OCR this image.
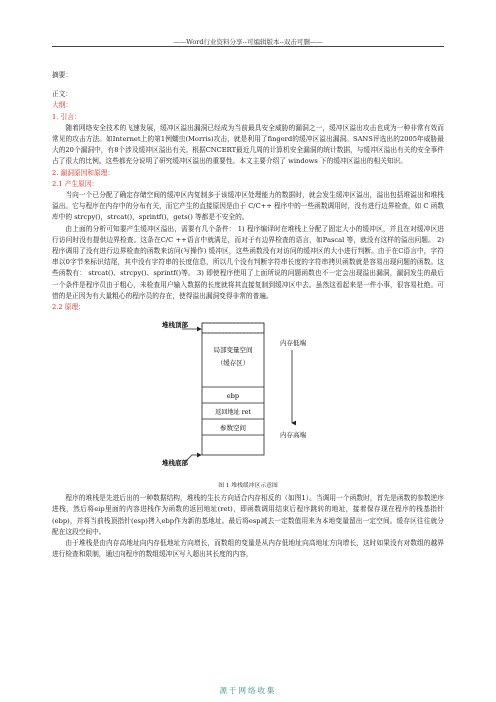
——Word行业资料分享--可编辑版本--双击可删——
摘要：
正文：
大纲：
1. 引言：
随着网络安全技术的飞速发展，缓冲区溢出漏洞已经成为当前最具安全威胁的漏洞之一，缓冲区溢出攻击也成为一种非常有效而常见的攻击方法。如Internet上的第1例蠕虫(Morris)攻击，就是利用了fingerd的缓冲区溢出漏洞。SANS评选出的2005年威胁最大的20个漏洞中，有8个涉及缓冲区溢出有关。根据CNCERT最近几周的计算机安全漏洞的统计数据，与缓冲区溢出有关的安全事件占了很大的比例。这些都充分说明了研究缓冲区溢出的重要性。本文主要介绍了 windows 下的缓冲区溢出的相关知识。
2. 漏洞原因和原理：
2.1 产生原因：
当向一个已分配了确定存储空间的缓冲区内复制多于该缓冲区处理能力的数据时，就会发生缓冲区溢出，溢出包括堆溢出和堆栈溢出。它与程序在内存中的分布有关，而它产生的直接原因是由于 C/C++ 程序中的一些函数调用时，没有进行边界检查，如 C 函数库中的 strcpy()，strcat()，sprintf()，gets() 等都是不安全的。
由上面的分析可知要产生缓冲区溢出，需要有几个条件： 1) 程序编译时在堆栈上分配了固定大小的缓冲区，并且在对缓冲区进行访问时没有提供边界检查。这条在C/C ++语言中就满足，而对于有边界检查的语言，如Pascal 等，就没有这样的溢出问题。 2) 程序调用了没有进行边界检查的函数来访问(写操作) 缓冲区，这些函数没有对访问的缓冲区的大小进行判断。由于在C语言中，字符串以0字节来标识结尾，其中没有字符串的长度信息，所以几个没有判断字符串长度的字符串拷贝函数就是容易出现问题的函数。这些函数有： strcat()、strcpy()、sprintf()等。 3) 即使程序使用了上面所说的问题函数也不一定会出现溢出漏洞，漏洞发生的最后一个条件是程序员由于粗心，未检查用户输入数据的长度就将其直接复制到缓冲区中去。虽然这看起来是一件小事，很容易杜绝。可惜的是正因为有大量粗心的程序员的存在，使得溢出漏洞变得非常的普遍。
2.2 原理：
局部变量空间
（缓存区）
ebp
返回地址 ret
参数空间
堆栈顶部
堆栈底部
内存低端
内存高端
图 1 堆栈缓冲区示意图
程序的堆栈是先进后出的一种数据结构，堆栈的生长方向适合内存相反的（如图1）。当调用一个函数时，首先是函数的参数逆序进栈，然后将eip里面的内容进栈作为函数的返回地址(ret)，即函数调用结束后程序跳转的地址，接着保存现在程序的栈基指针(ebp)，并将当前栈顶指针(esp)拷入ebp作为新的基地址。最后将esp减去一定数值用来为本地变量留出一定空间。缓存区往往就分配在这段空间中。
由于堆栈是由内存高地址向内存低地址方向增长，而数组的变量是从内存低地址向高地址方向增长，这时如果没有对数组的越界进行检查和限制，通过向程序的数组缓冲区写入超出其长度的内容，
源于网络收集
